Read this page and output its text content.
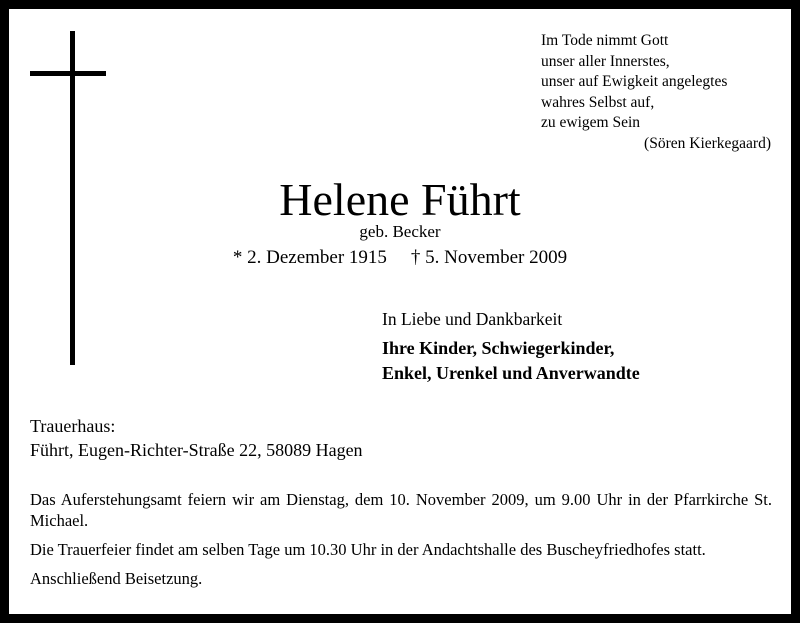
Im Tode nimmt Gott
unser aller Innerstes,
unser auf Ewigkeit angelegtes
wahres Selbst auf,
zu ewigem Sein
(Sören Kierkegaard)
Helene Führt
geb. Becker
* 2. Dezember 1915 † 5. November 2009
In Liebe und Dankbarkeit
Ihre Kinder, Schwiegerkinder,
Enkel, Urenkel und Anverwandte
Trauerhaus:
Führt, Eugen-Richter-Straße 22, 58089 Hagen

Das Auferstehungsamt feiern wir am Dienstag, dem 10. November 2009, um 9.00 Uhr in der Pfarrkirche St. Michael.

Die Trauerfeier findet am selben Tage um 10.30 Uhr in der Andachtshalle des Buscheyfriedhofes statt.

Anschließend Beisetzung.
